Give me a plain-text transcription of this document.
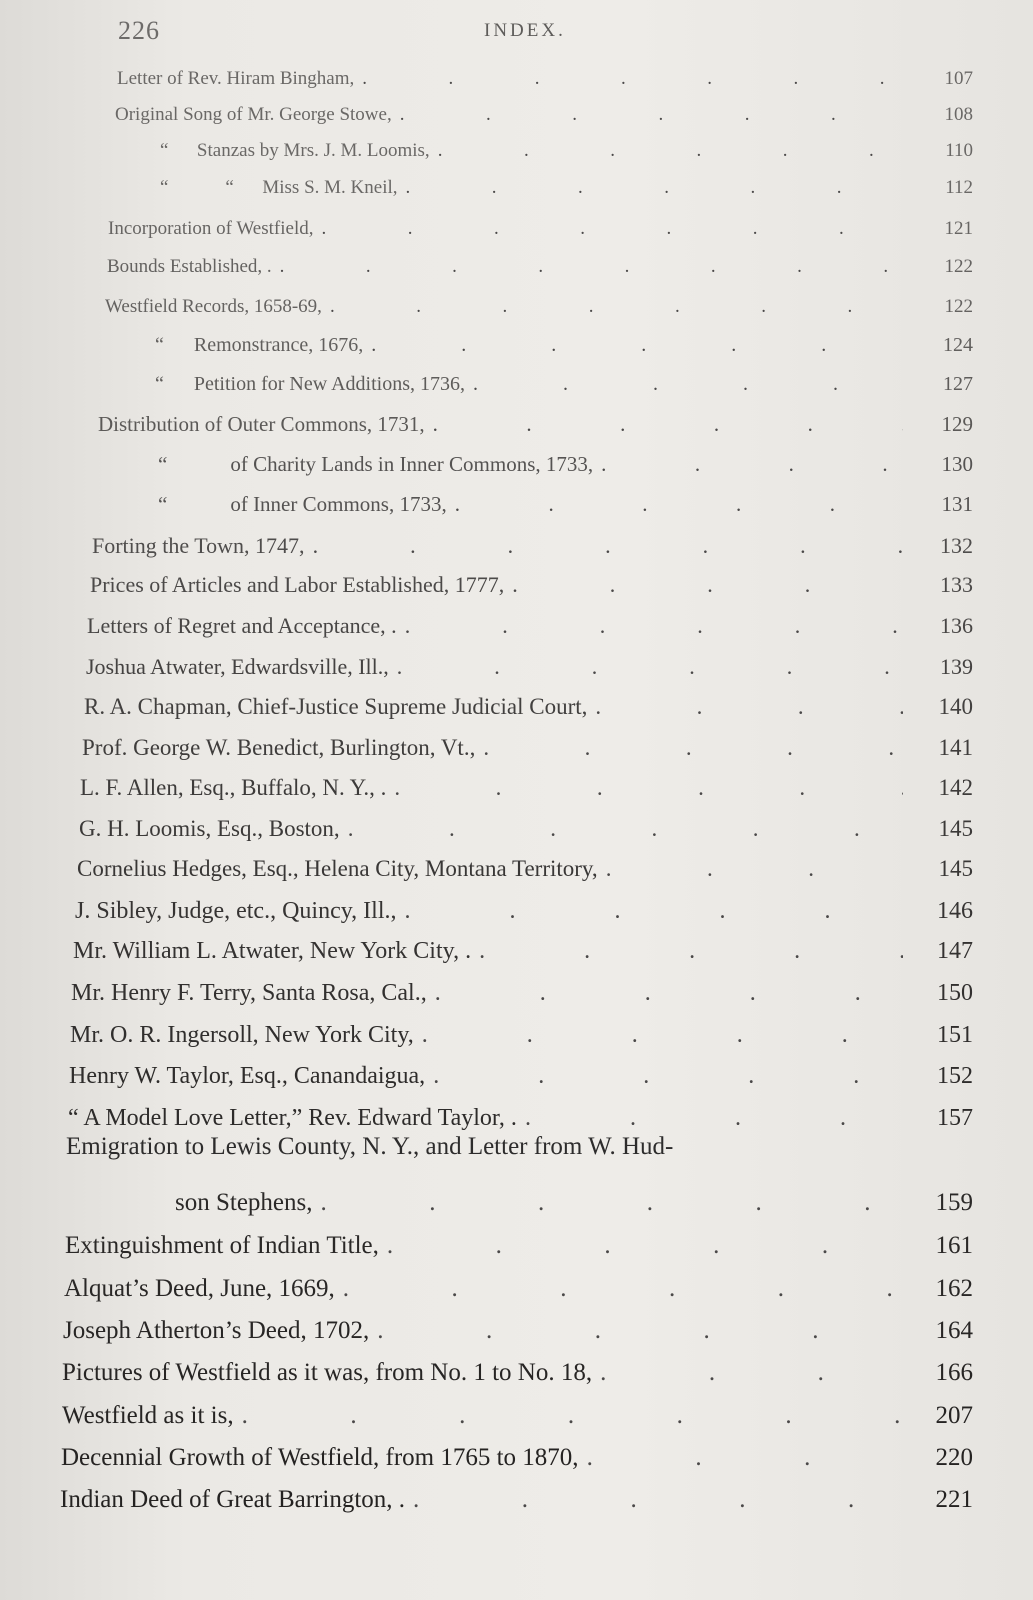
226	INDEX.
Letter of Rev. Hiram Bingham, .	107
Original Song of Mr. George Stowe, .	108
“      Stanzas by Mrs. J. M. Loomis, .	110
“            “      Miss S. M. Kneil, .	112
Incorporation of Westfield, .	121
Bounds Established, . .	122
Westfield Records, 1658-69, .	122
“      Remonstrance, 1676, .	124
“      Petition for New Additions, 1736, .	127
Distribution of Outer Commons, 1731, .	129
“            of Charity Lands in Inner Commons, 1733, .	130
“            of Inner Commons, 1733, .	131
Forting the Town, 1747, .	132
Prices of Articles and Labor Established, 1777, .	133
Letters of Regret and Acceptance, . .	136
Joshua Atwater, Edwardsville, Ill., .	139
R. A. Chapman, Chief-Justice Supreme Judicial Court, .	140
Prof. George W. Benedict, Burlington, Vt., .	141
L. F. Allen, Esq., Buffalo, N. Y., . .	142
G. H. Loomis, Esq., Boston, .	145
Cornelius Hedges, Esq., Helena City, Montana Territory, .	145
J. Sibley, Judge, etc., Quincy, Ill., .	146
Mr. William L. Atwater, New York City, . .	147
Mr. Henry F. Terry, Santa Rosa, Cal., .	150
Mr. O. R. Ingersoll, New York City, .	151
Henry W. Taylor, Esq., Canandaigua, .	152
“ A Model Love Letter,” Rev. Edward Taylor, . .	157
Emigration to Lewis County, N. Y., and Letter from W. Hud-
son Stephens, .	159
Extinguishment of Indian Title, .	161
Alquat’s Deed, June, 1669, .	162
Joseph Atherton’s Deed, 1702, .	164
Pictures of Westfield as it was, from No. 1 to No. 18, .	166
Westfield as it is, .	207
Decennial Growth of Westfield, from 1765 to 1870, .	220
Indian Deed of Great Barrington, . .	221
